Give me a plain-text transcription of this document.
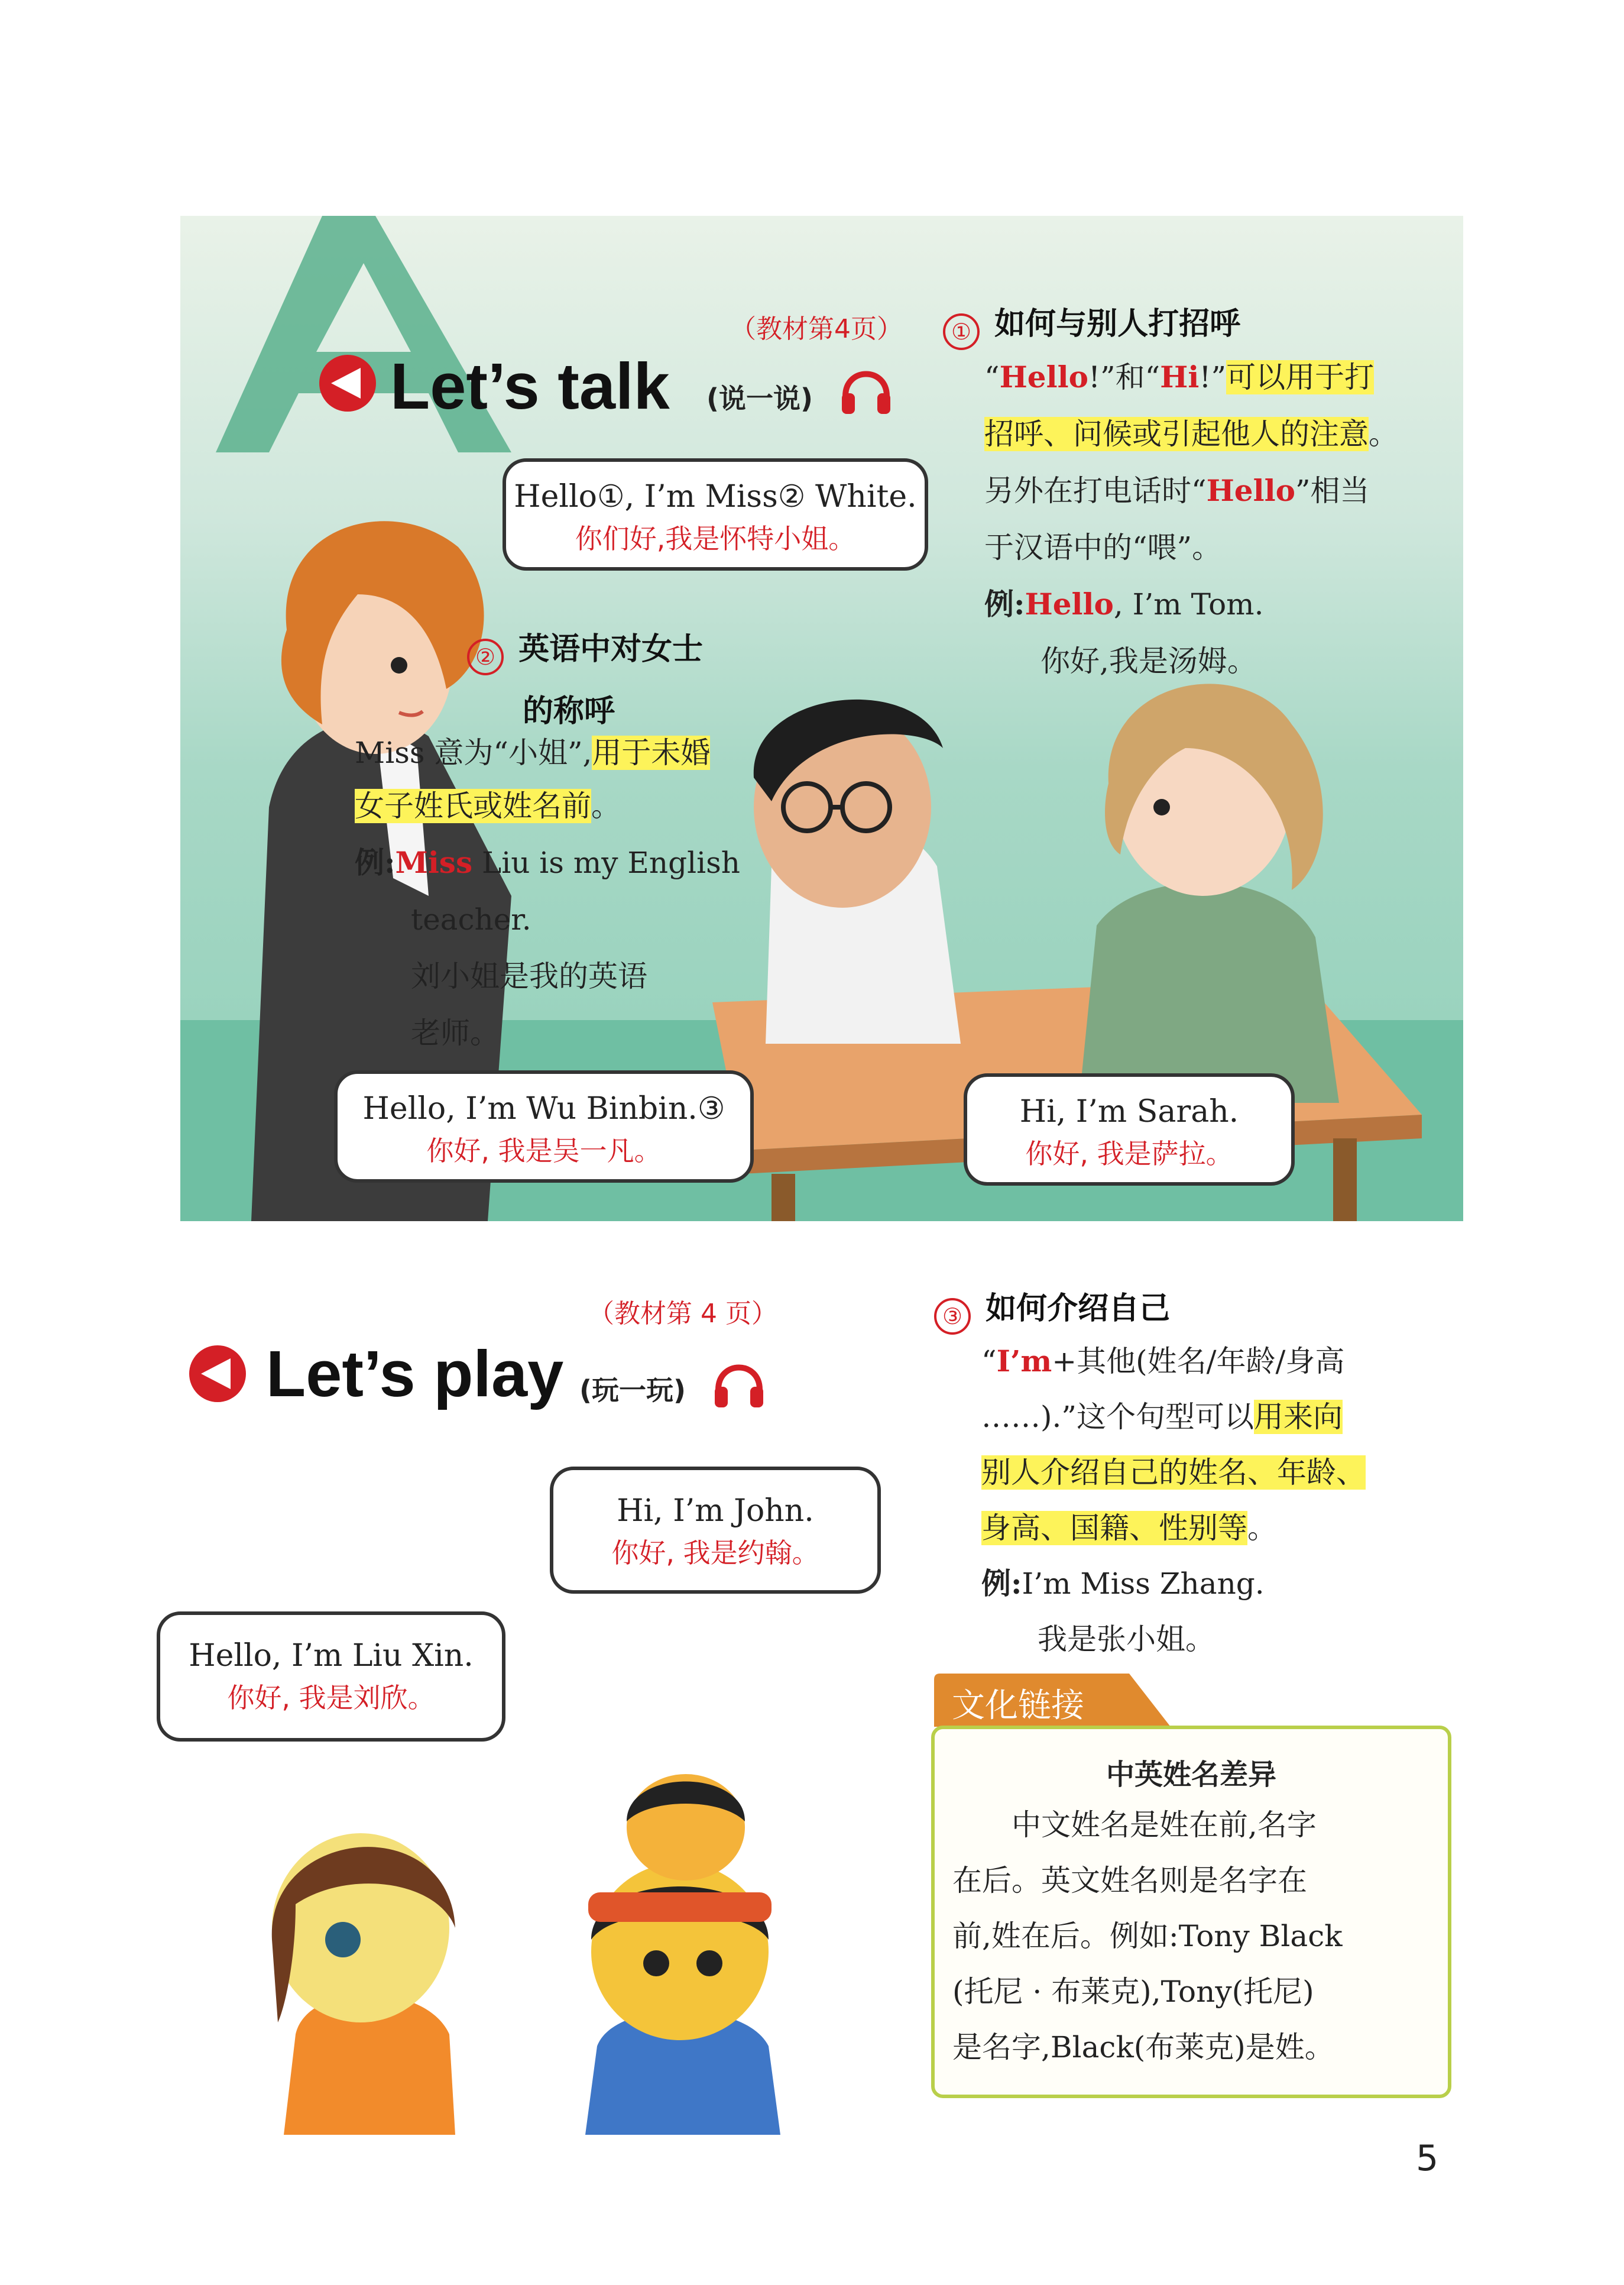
（教材第4页）
Let’s talk (说一说)
Hello①, I’m Miss② White.
你们好,我是怀特小姐。
② 英语中对女士
的称呼
Miss 意为“小姐”,用于未婚
女子姓氏或姓名前。
例:Miss Liu is my English
teacher.
刘小姐是我的英语
老师。
Hello, I’m Wu Binbin.③
你好, 我是吴一凡。
Hi, I’m Sarah.
你好, 我是萨拉。
① 如何与别人打招呼
“Hello!”和“Hi!”可以用于打
招呼、问候或引起他人的注意。
另外在打电话时“Hello”相当
于汉语中的“喂”。
例:Hello, I’m Tom.
你好,我是汤姆。
（教材第 4 页）
Let’s play (玩一玩)
Hi, I’m John.
你好, 我是约翰。
Hello, I’m Liu Xin.
你好, 我是刘欣。
③ 如何介绍自己
“I’m+其他(姓名/年龄/身高
……).”这个句型可以用来向
别人介绍自己的姓名、年龄、
身高、国籍、性别等。
例:I’m Miss Zhang.
我是张小姐。
文化链接
中英姓名差异
中文姓名是姓在前,名字
在后。英文姓名则是名字在
前,姓在后。例如:Tony Black
(托尼 · 布莱克),Tony(托尼)
是名字,Black(布莱克)是姓。
5
